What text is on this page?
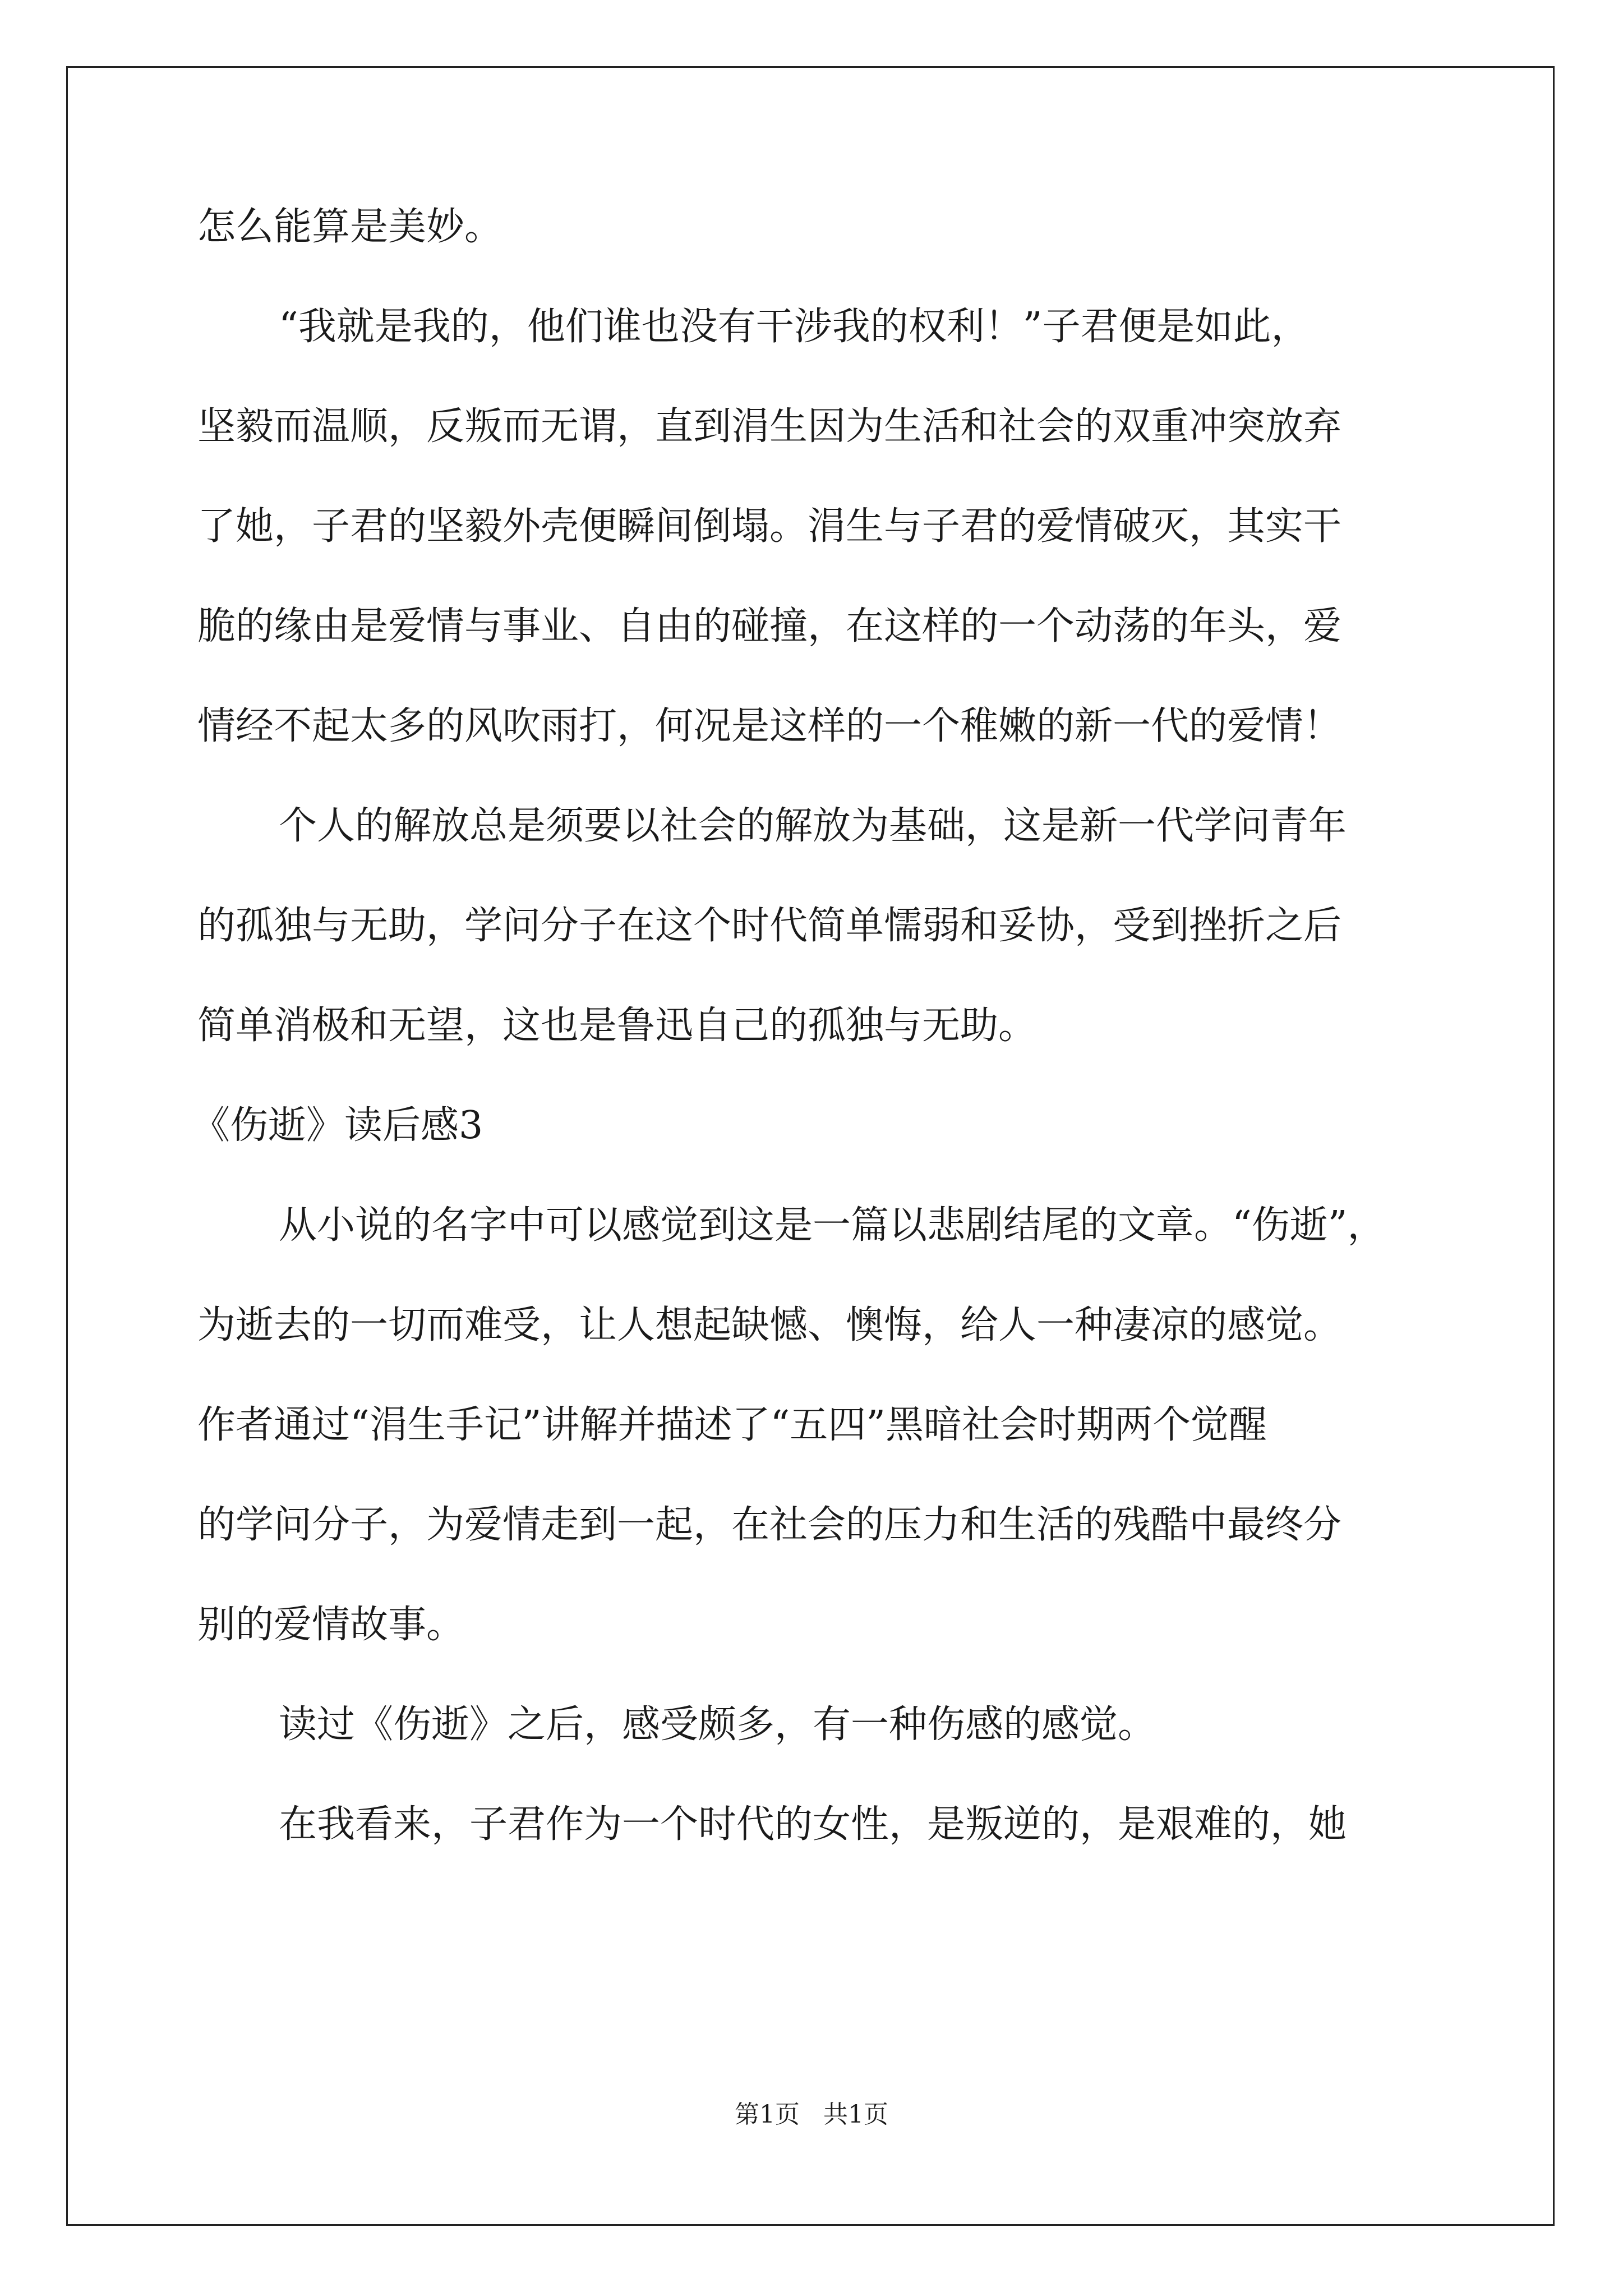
怎么能算是美妙。
“我就是我的，他们谁也没有干涉我的权利！”子君便是如此，
坚毅而温顺，反叛而无谓，直到涓生因为生活和社会的双重冲突放弃
了她，子君的坚毅外壳便瞬间倒塌。涓生与子君的爱情破灭，其实干
脆的缘由是爱情与事业、自由的碰撞，在这样的一个动荡的年头，爱
情经不起太多的风吹雨打，何况是这样的一个稚嫩的新一代的爱情！
个人的解放总是须要以社会的解放为基础，这是新一代学问青年
的孤独与无助，学问分子在这个时代简单懦弱和妥协，受到挫折之后
简单消极和无望，这也是鲁迅自己的孤独与无助。
《伤逝》读后感3
从小说的名字中可以感觉到这是一篇以悲剧结尾的文章。“伤逝”，
为逝去的一切而难受，让人想起缺憾、懊悔，给人一种凄凉的感觉。
作者通过“涓生手记”讲解并描述了“五四”黑暗社会时期两个觉醒
的学问分子，为爱情走到一起，在社会的压力和生活的残酷中最终分
别的爱情故事。
读过《伤逝》之后，感受颇多，有一种伤感的感觉。
在我看来，子君作为一个时代的女性，是叛逆的，是艰难的，她
第1页   共1页
